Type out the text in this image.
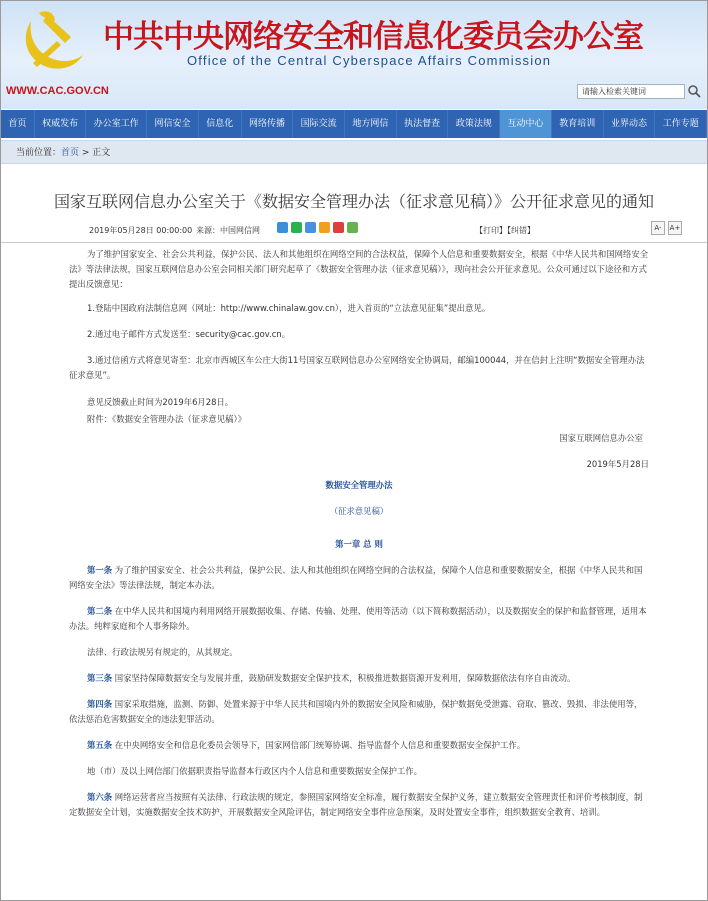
中共中央网络安全和信息化委员会办公室
Office of the Central Cyberspace Affairs Commission
WWW.CAC.GOV.CN	请输入检索关键词
首页	权威发布	办公室工作	网信安全	信息化	网络传播	国际交流	地方网信	执法督查	政策法规	互动中心	教育培训	业界动态	工作专题
当前位置：首页 > 正文
国家互联网信息办公室关于《数据安全管理办法（征求意见稿）》公开征求意见的通知
2019年05月28日 00:00:00 来源：中国网信网	【打印】【纠错】	A-	A+

为了维护国家安全、社会公共利益，保护公民、法人和其他组织在网络空间的合法权益，保障个人信息和重要数据安全，根据《中华人民共和国网络安全法》等法律法规，国家互联网信息办公室会同相关部门研究起草了《数据安全管理办法（征求意见稿）》，现向社会公开征求意见。公众可通过以下途径和方式提出反馈意见：

1.登陆中国政府法制信息网（网址：http://www.chinalaw.gov.cn），进入首页的“立法意见征集”提出意见。

2.通过电子邮件方式发送至：security@cac.gov.cn。

3.通过信函方式将意见寄至：北京市西城区车公庄大街11号国家互联网信息办公室网络安全协调局，邮编100044，并在信封上注明“数据安全管理办法征求意见”。

意见反馈截止时间为2019年6月28日。

附件：《数据安全管理办法（征求意见稿）》

国家互联网信息办公室

2019年5月28日

数据安全管理办法

（征求意见稿）

第一章 总 则

第一条 为了维护国家安全、社会公共利益，保护公民、法人和其他组织在网络空间的合法权益，保障个人信息和重要数据安全，根据《中华人民共和国网络安全法》等法律法规，制定本办法。

第二条 在中华人民共和国境内利用网络开展数据收集、存储、传输、处理、使用等活动（以下简称数据活动），以及数据安全的保护和监督管理，适用本办法。纯粹家庭和个人事务除外。

法律、行政法规另有规定的，从其规定。

第三条 国家坚持保障数据安全与发展并重，鼓励研发数据安全保护技术，积极推进数据资源开发利用，保障数据依法有序自由流动。

第四条 国家采取措施，监测、防御、处置来源于中华人民共和国境内外的数据安全风险和威胁，保护数据免受泄露、窃取、篡改、毁损、非法使用等，依法惩治危害数据安全的违法犯罪活动。

第五条 在中央网络安全和信息化委员会领导下，国家网信部门统筹协调、指导监督个人信息和重要数据安全保护工作。

地（市）及以上网信部门依据职责指导监督本行政区内个人信息和重要数据安全保护工作。

第六条 网络运营者应当按照有关法律、行政法规的规定，参照国家网络安全标准，履行数据安全保护义务，建立数据安全管理责任和评价考核制度，制定数据安全计划，实施数据安全技术防护，开展数据安全风险评估，制定网络安全事件应急预案，及时处置安全事件，组织数据安全教育、培训。
